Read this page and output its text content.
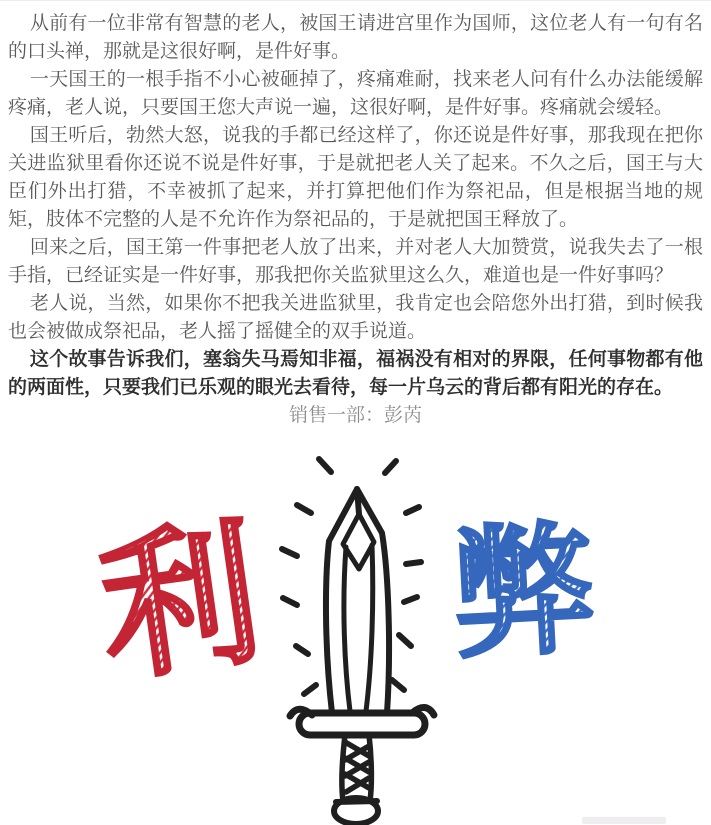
从前有一位非常有智慧的老人，被国王请进宫里作为国师，这位老人有一句有名的口头禅，那就是这很好啊，是件好事。

一天国王的一根手指不小心被砸掉了，疼痛难耐，找来老人问有什么办法能缓解疼痛，老人说，只要国王您大声说一遍，这很好啊，是件好事。疼痛就会缓轻。

国王听后，勃然大怒，说我的手都已经这样了，你还说是件好事，那我现在把你关进监狱里看你还说不说是件好事，于是就把老人关了起来。不久之后，国王与大臣们外出打猎，不幸被抓了起来，并打算把他们作为祭祀品，但是根据当地的规矩，肢体不完整的人是不允许作为祭祀品的，于是就把国王释放了。

回来之后，国王第一件事把老人放了出来，并对老人大加赞赏，说我失去了一根手指，已经证实是一件好事，那我把你关监狱里这么久，难道也是一件好事吗？

老人说，当然，如果你不把我关进监狱里，我肯定也会陪您外出打猎，到时候我也会被做成祭祀品，老人摇了摇健全的双手说道。

这个故事告诉我们，塞翁失马焉知非福，福祸没有相对的界限，任何事物都有他的两面性，只要我们已乐观的眼光去看待，每一片乌云的背后都有阳光的存在。

销售一部：彭芮
利 弊
